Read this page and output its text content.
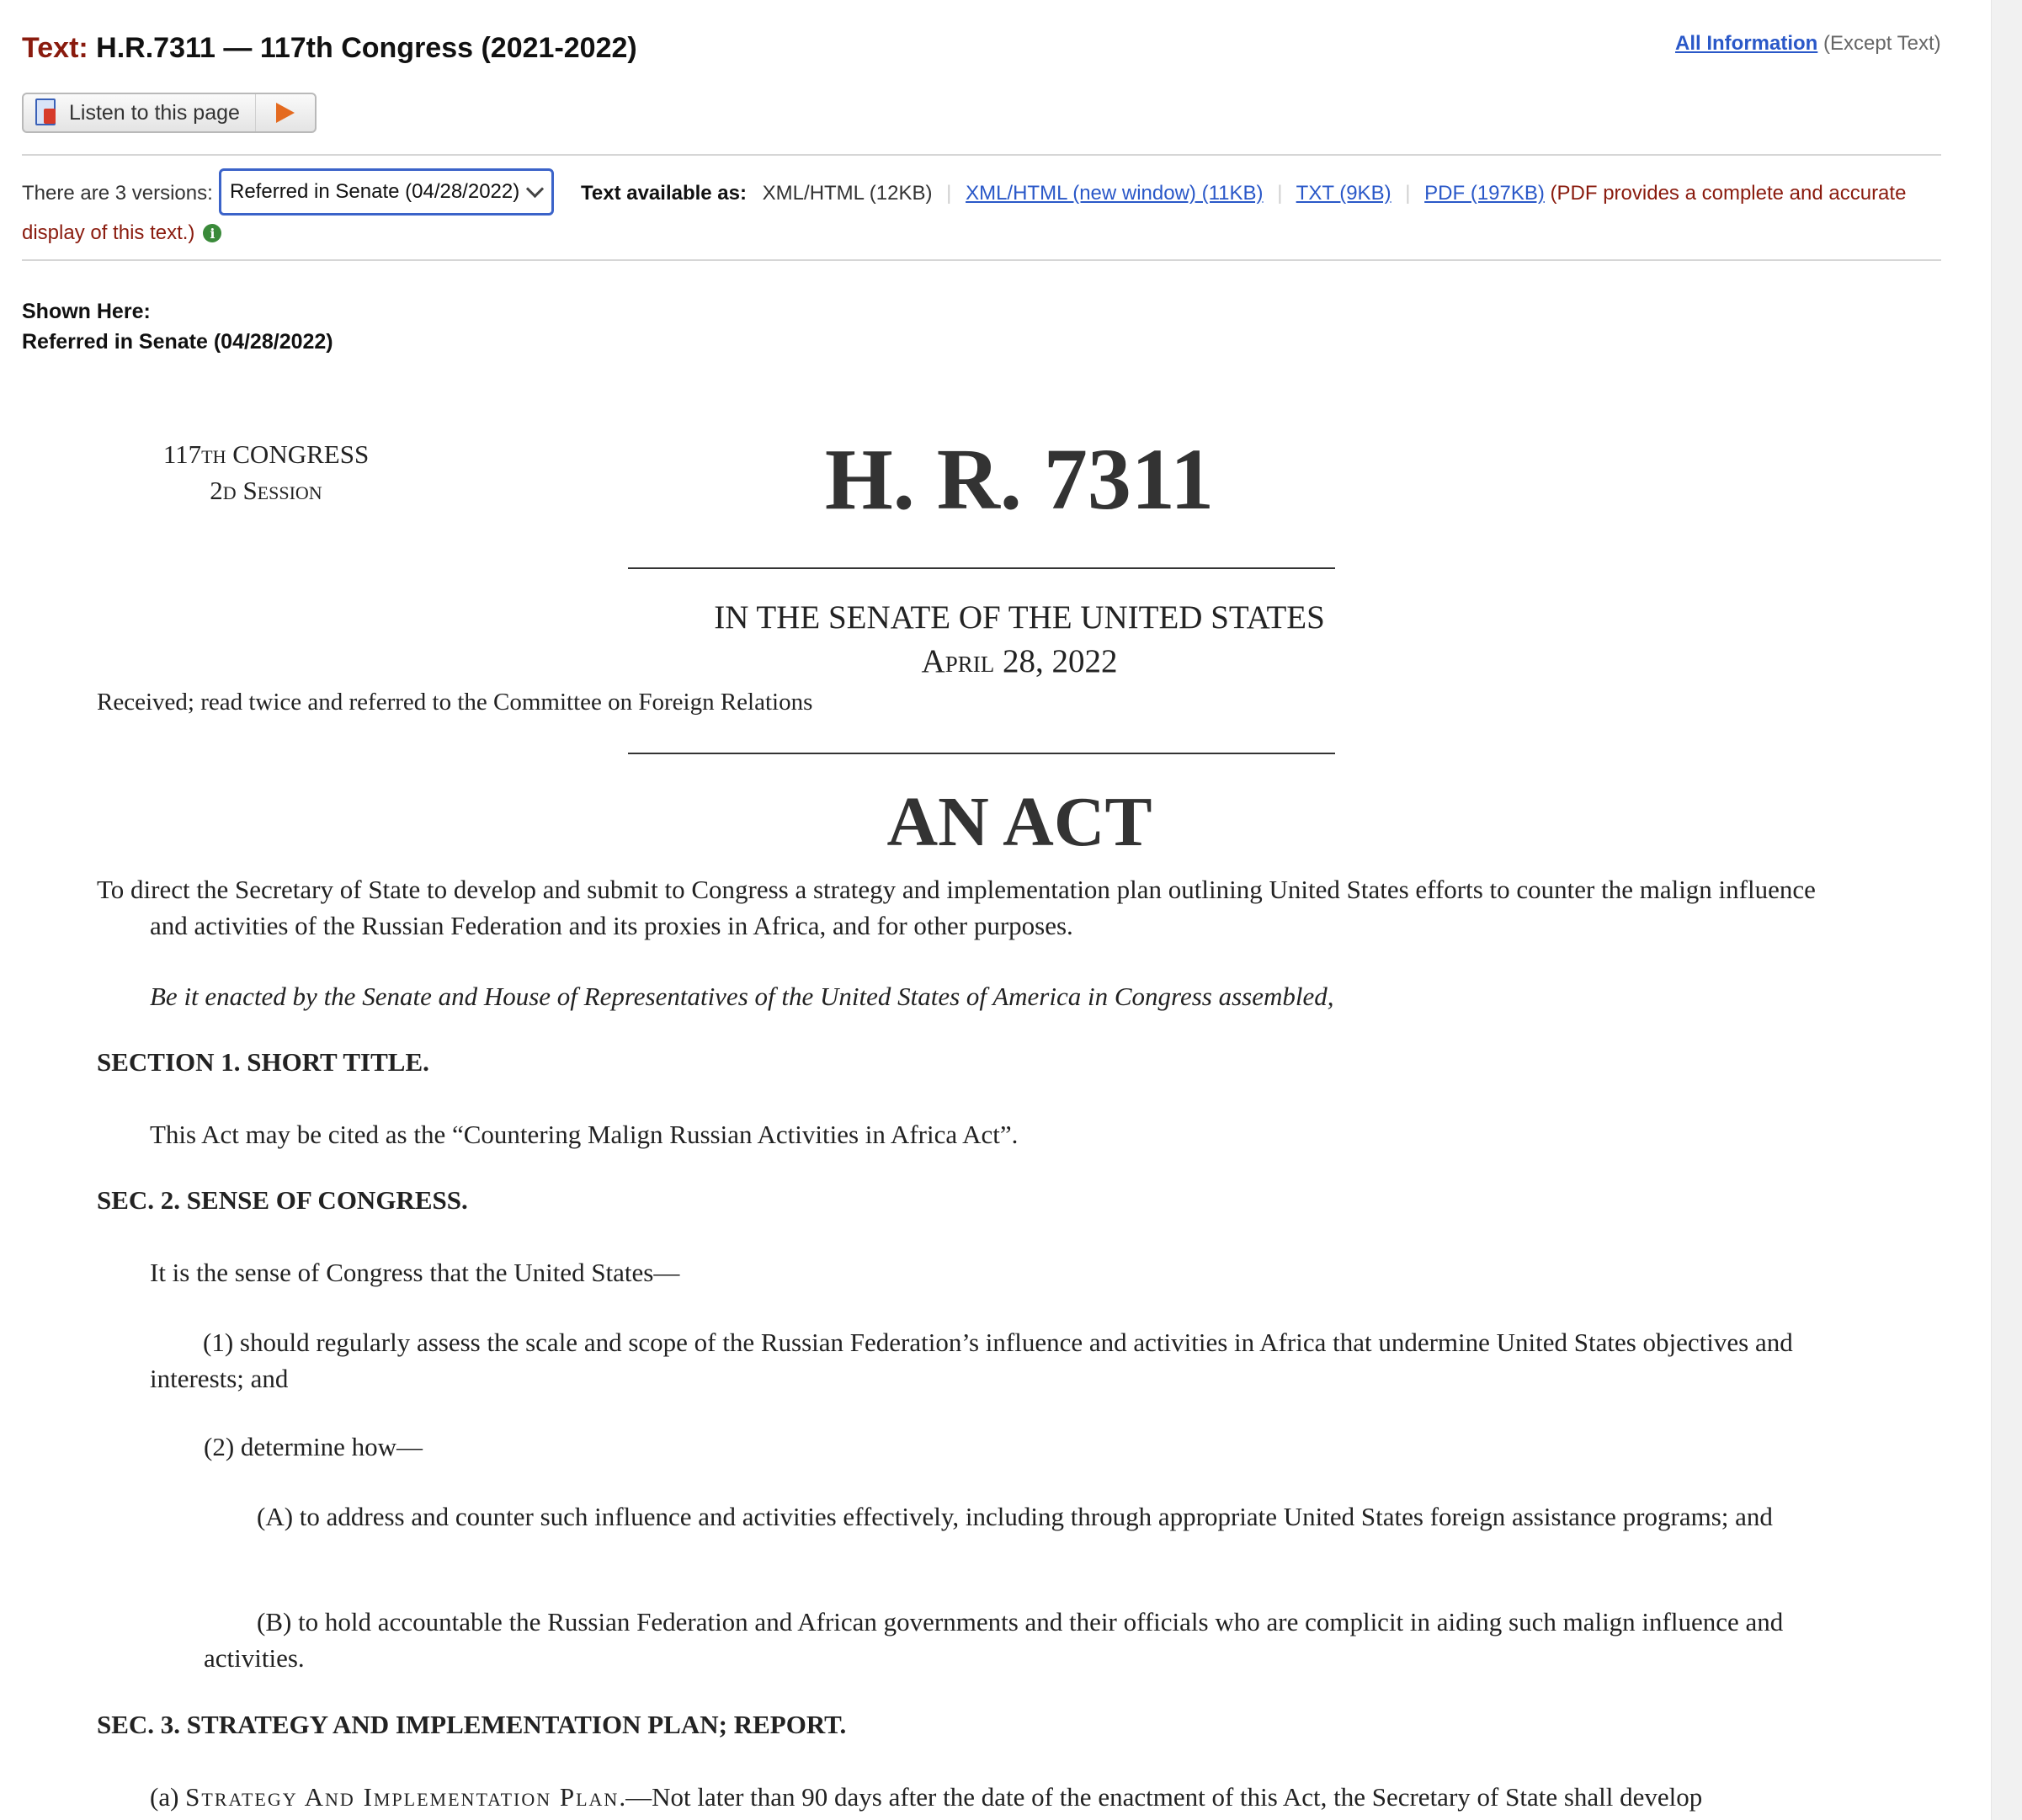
Text: H.R.7311 — 117th Congress (2021-2022)	All Information (Except Text)
Listen to this page
There are 3 versions: Referred in Senate (04/28/2022)	Text available as: XML/HTML (12KB) | XML/HTML (new window) (11KB) | TXT (9KB) | PDF (197KB) (PDF provides a complete and accurate
display of this text.)	i
Shown Here:
Referred in Senate (04/28/2022)
117th CONGRESS
2d Session	H. R. 7311
IN THE SENATE OF THE UNITED STATES
April 28, 2022
Received; read twice and referred to the Committee on Foreign Relations
AN ACT
To direct the Secretary of State to develop and submit to Congress a strategy and implementation plan outlining United States efforts to counter the malign influence and activities of the Russian Federation and its proxies in Africa, and for other purposes.
Be it enacted by the Senate and House of Representatives of the United States of America in Congress assembled,
SECTION 1. SHORT TITLE.
This Act may be cited as the “Countering Malign Russian Activities in Africa Act”.
SEC. 2. SENSE OF CONGRESS.
It is the sense of Congress that the United States—
(1) should regularly assess the scale and scope of the Russian Federation’s influence and activities in Africa that undermine United States objectives and interests; and
(2) determine how—
(A) to address and counter such influence and activities effectively, including through appropriate United States foreign assistance programs; and
(B) to hold accountable the Russian Federation and African governments and their officials who are complicit in aiding such malign influence and activities.
SEC. 3. STRATEGY AND IMPLEMENTATION PLAN; REPORT.
(a) Strategy And Implementation Plan.—Not later than 90 days after the date of the enactment of this Act, the Secretary of State shall develop
